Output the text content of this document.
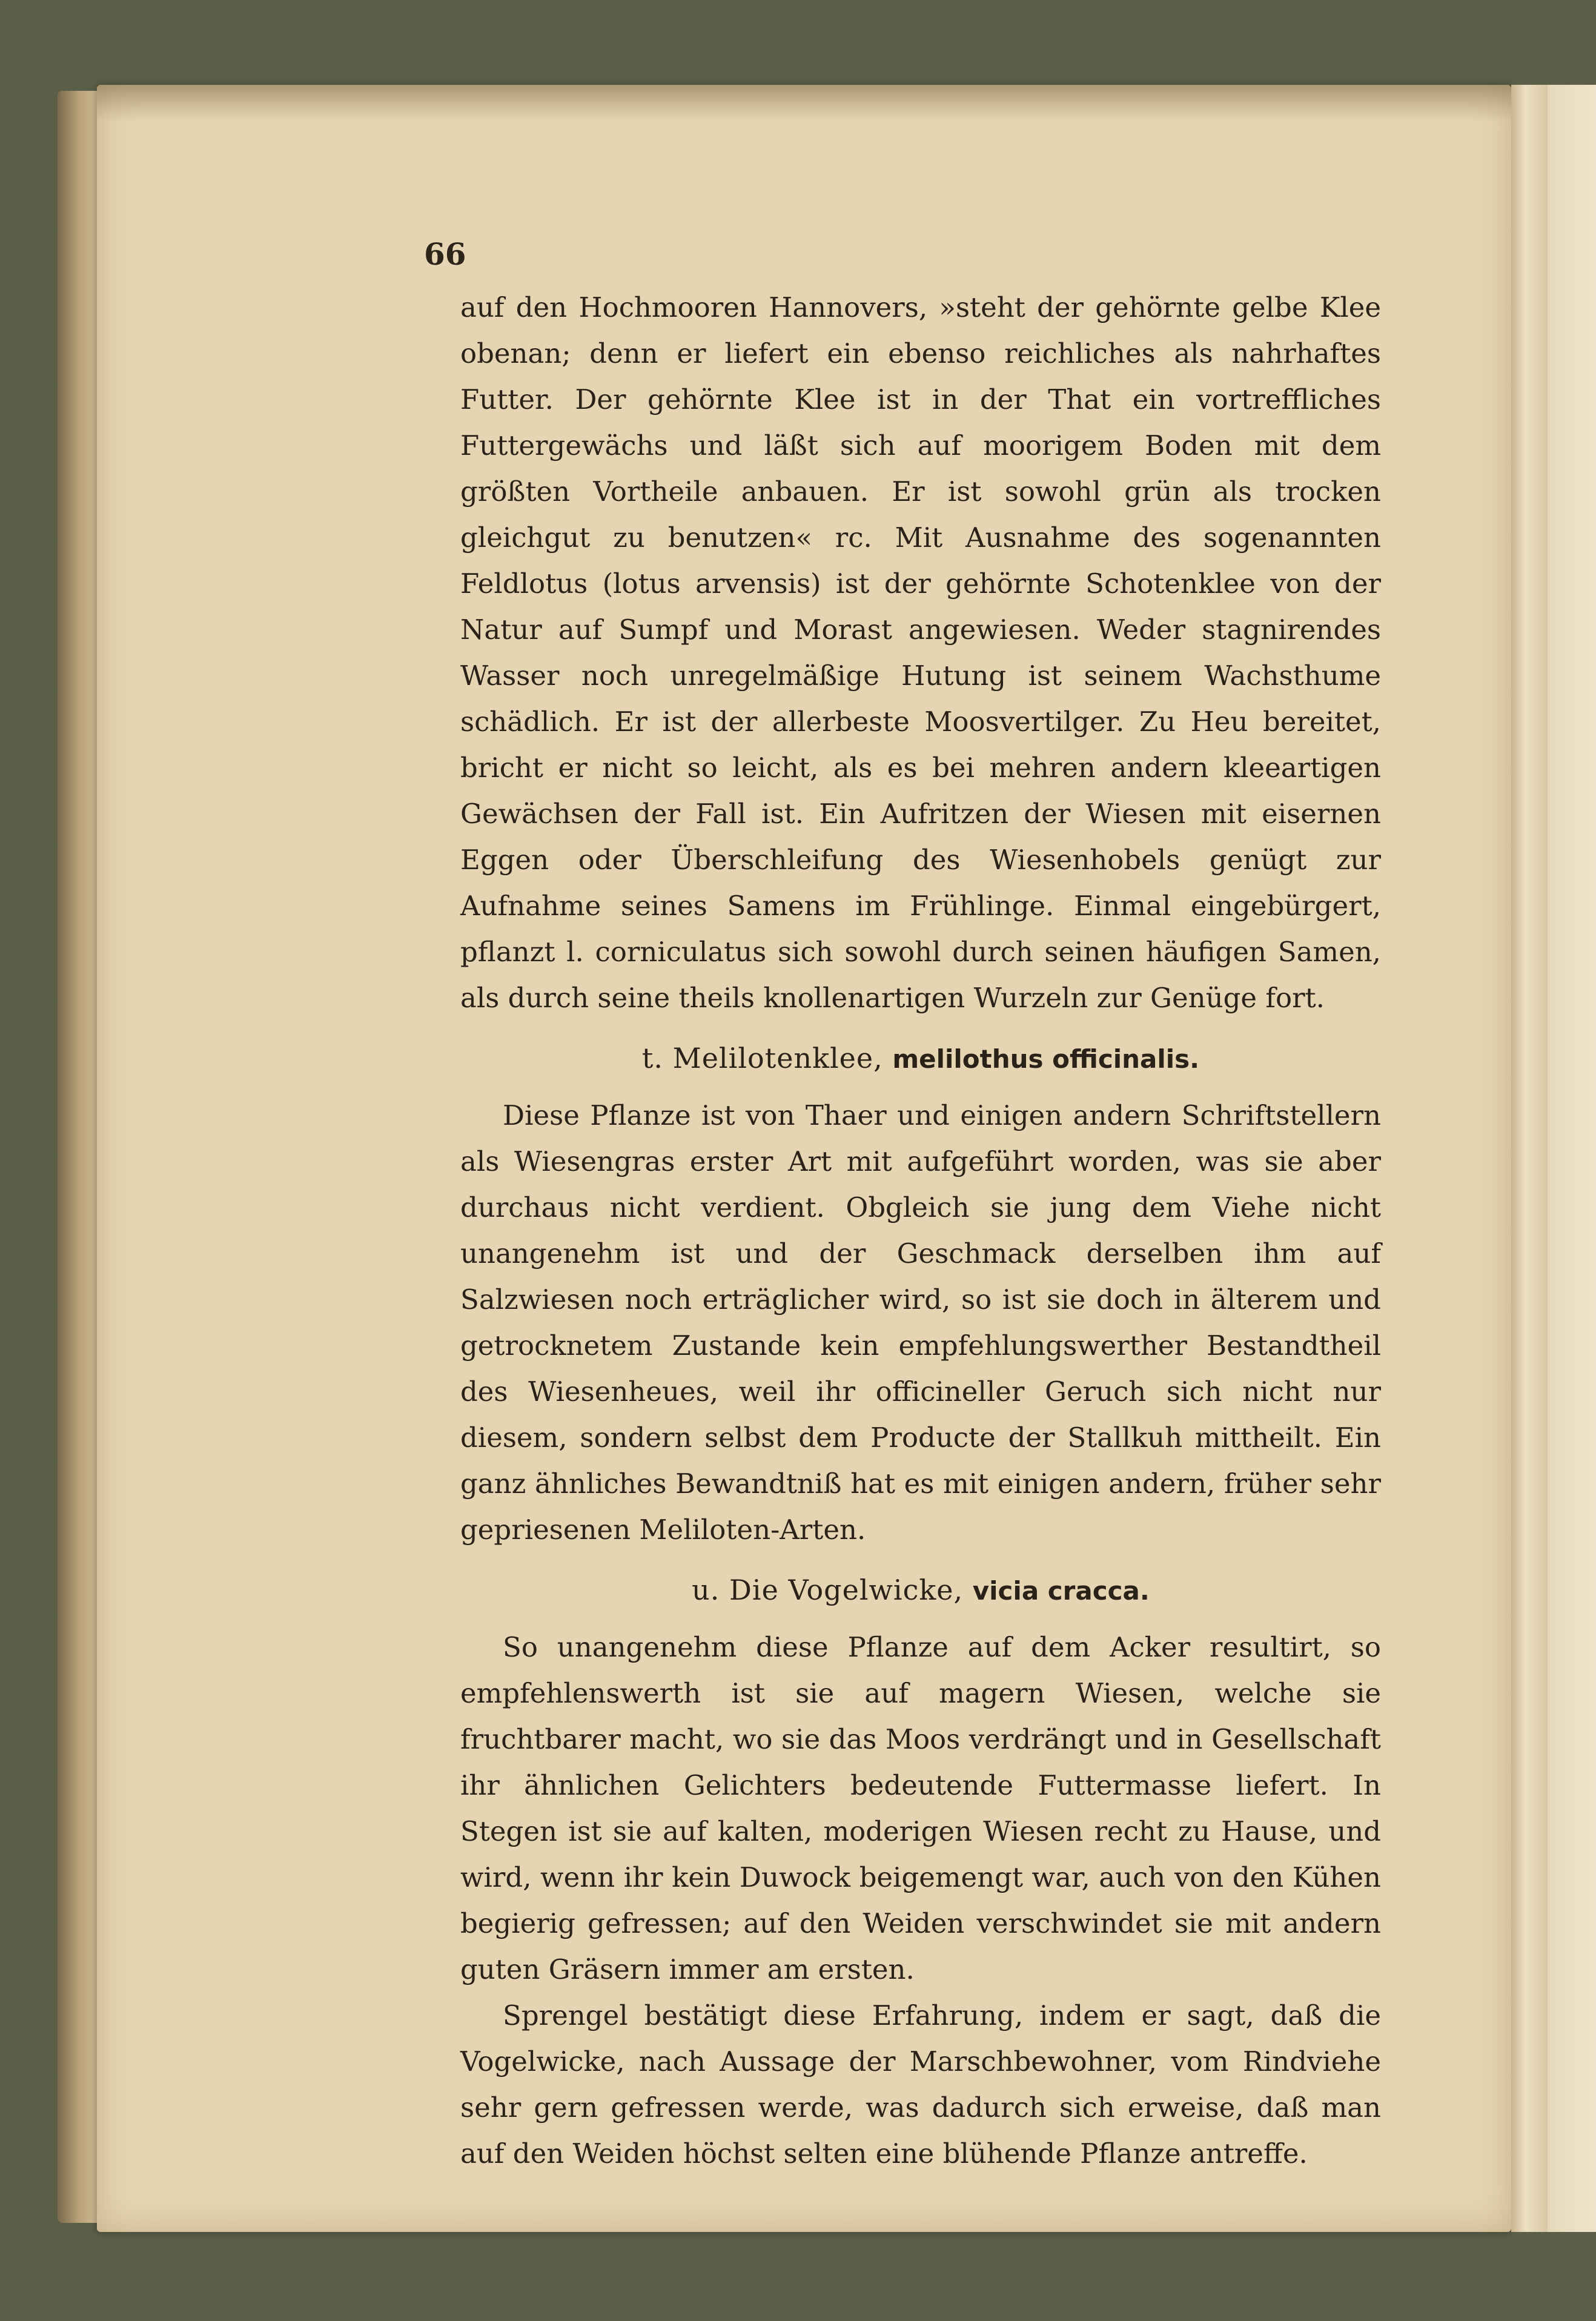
66

auf den Hochmooren Hannovers, »steht der gehörnte gelbe Klee obenan; denn er liefert ein ebenso reichliches als nahrhaftes Futter. Der gehörnte Klee ist in der That ein vortreffliches Futtergewächs und läßt sich auf moorigem Boden mit dem größten Vortheile anbauen. Er ist sowohl grün als trocken gleichgut zu benutzen« rc. Mit Ausnahme des sogenannten Feldlotus (lotus arvensis) ist der gehörnte Schotenklee von der Natur auf Sumpf und Morast angewiesen. Weder stagnirendes Wasser noch unregelmäßige Hutung ist seinem Wachsthume schädlich. Er ist der allerbeste Moosvertilger. Zu Heu bereitet, bricht er nicht so leicht, als es bei mehren andern kleeartigen Gewächsen der Fall ist. Ein Aufritzen der Wiesen mit eisernen Eggen oder Überschleifung des Wiesenhobels genügt zur Aufnahme seines Samens im Frühlinge. Einmal eingebürgert, pflanzt l. corniculatus sich sowohl durch seinen häufigen Samen, als durch seine theils knollenartigen Wurzeln zur Genüge fort.

t. Melilotenklee, melilothus officinalis.

Diese Pflanze ist von Thaer und einigen andern Schriftstellern als Wiesengras erster Art mit aufgeführt worden, was sie aber durchaus nicht verdient. Obgleich sie jung dem Viehe nicht unangenehm ist und der Geschmack derselben ihm auf Salzwiesen noch erträglicher wird, so ist sie doch in älterem und getrocknetem Zustande kein empfehlungswerther Bestandtheil des Wiesenheues, weil ihr officineller Geruch sich nicht nur diesem, sondern selbst dem Producte der Stallkuh mittheilt. Ein ganz ähnliches Bewandtniß hat es mit einigen andern, früher sehr gepriesenen Meliloten-Arten.

u. Die Vogelwicke, vicia cracca.

So unangenehm diese Pflanze auf dem Acker resultirt, so empfehlenswerth ist sie auf magern Wiesen, welche sie fruchtbarer macht, wo sie das Moos verdrängt und in Gesellschaft ihr ähnlichen Gelichters bedeutende Futtermasse liefert. In Stegen ist sie auf kalten, moderigen Wiesen recht zu Hause, und wird, wenn ihr kein Duwock beigemengt war, auch von den Kühen begierig gefressen; auf den Weiden verschwindet sie mit andern guten Gräsern immer am ersten.

Sprengel bestätigt diese Erfahrung, indem er sagt, daß die Vogelwicke, nach Aussage der Marschbewohner, vom Rindviehe sehr gern gefressen werde, was dadurch sich erweise, daß man auf den Weiden höchst selten eine blühende Pflanze antreffe.
